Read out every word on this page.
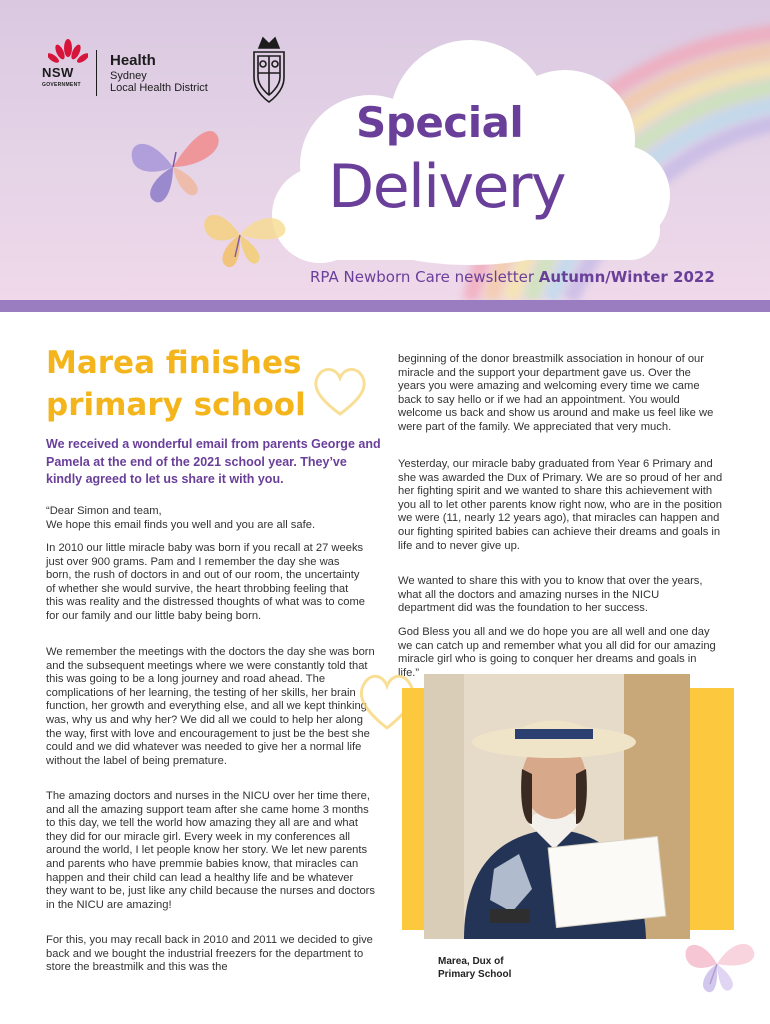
NSW
GOVERNMENT
Health
Sydney
Local Health District
Special
Delivery
RPA Newborn Care newsletter Autumn/Winter 2022
Marea finishes primary school
We received a wonderful email from parents George and Pamela at the end of the 2021 school year. They’ve kindly agreed to let us share it with you.

“Dear Simon and team,
We hope this email finds you well and you are all safe.

In 2010 our little miracle baby was born if you recall at 27 weeks just over 900 grams. Pam and I remember the day she was born, the rush of doctors in and out of our room, the uncertainty of whether she would survive, the heart throbbing feeling that this was reality and the distressed thoughts of what was to come for our family and our little baby being born.

We remember the meetings with the doctors the day she was born and the subsequent meetings where we were constantly told that this was going to be a long journey and road ahead. The complications of her learning, the testing of her skills, her brain function, her growth and everything else, and all we kept thinking was, why us and why her? We did all we could to help her along the way, first with love and encouragement to just be the best she could and we did whatever was needed to give her a normal life without the label of being premature.

The amazing doctors and nurses in the NICU over her time there, and all the amazing support team after she came home 3 months to this day, we tell the world how amazing they all are and what they did for our miracle girl. Every week in my conferences all around the world, I let people know her story. We let new parents and parents who have premmie babies know, that miracles can happen and their child can lead a healthy life and be whatever they want to be, just like any child because the nurses and doctors in the NICU are amazing!

For this, you may recall back in 2010 and 2011 we decided to give back and we bought the industrial freezers for the department to store the breastmilk and this was the

beginning of the donor breastmilk association in honour of our miracle and the support your department gave us. Over the years you were amazing and welcoming every time we came back to say hello or if we had an appointment. You would welcome us back and show us around and make us feel like we were part of the family. We appreciated that very much.

Yesterday, our miracle baby graduated from Year 6 Primary and she was awarded the Dux of Primary. We are so proud of her and her fighting spirit and we wanted to share this achievement with you all to let other parents know right now, who are in the position we were (11, nearly 12 years ago), that miracles can happen and our fighting spirited babies can achieve their dreams and goals in life and to never give up.

We wanted to share this with you to know that over the years, what all the doctors and amazing nurses in the NICU department did was the foundation to her success.

God Bless you all and we do hope you are all well and one day we can catch up and remember what you all did for our amazing miracle girl who is going to conquer her dreams and goals in life.”

Marea, Dux of
Primary School
